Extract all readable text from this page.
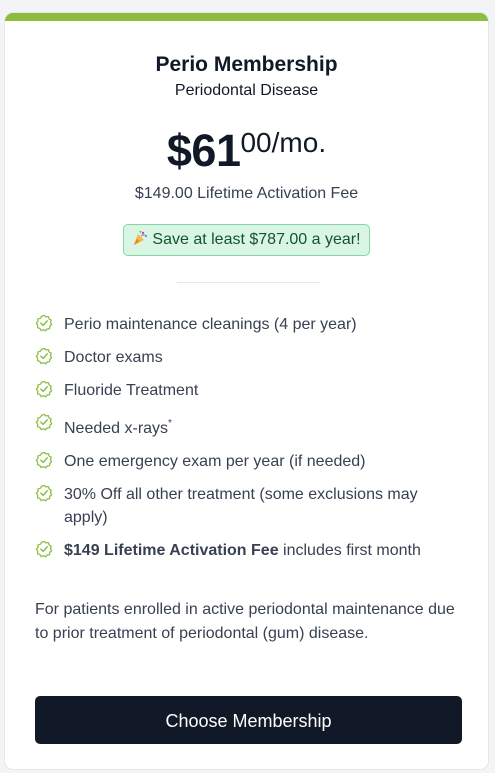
Perio Membership
Periodontal Disease
$6100/mo.
$149.00 Lifetime Activation Fee
Save at least $787.00 a year!
Perio maintenance cleanings (4 per year)
Doctor exams
Fluoride Treatment
Needed x-rays*
One emergency exam per year (if needed)
30% Off all other treatment (some exclusions may apply)
$149 Lifetime Activation Fee includes first month

For patients enrolled in active periodontal maintenance due to prior treatment of periodontal (gum) disease.

Choose Membership
